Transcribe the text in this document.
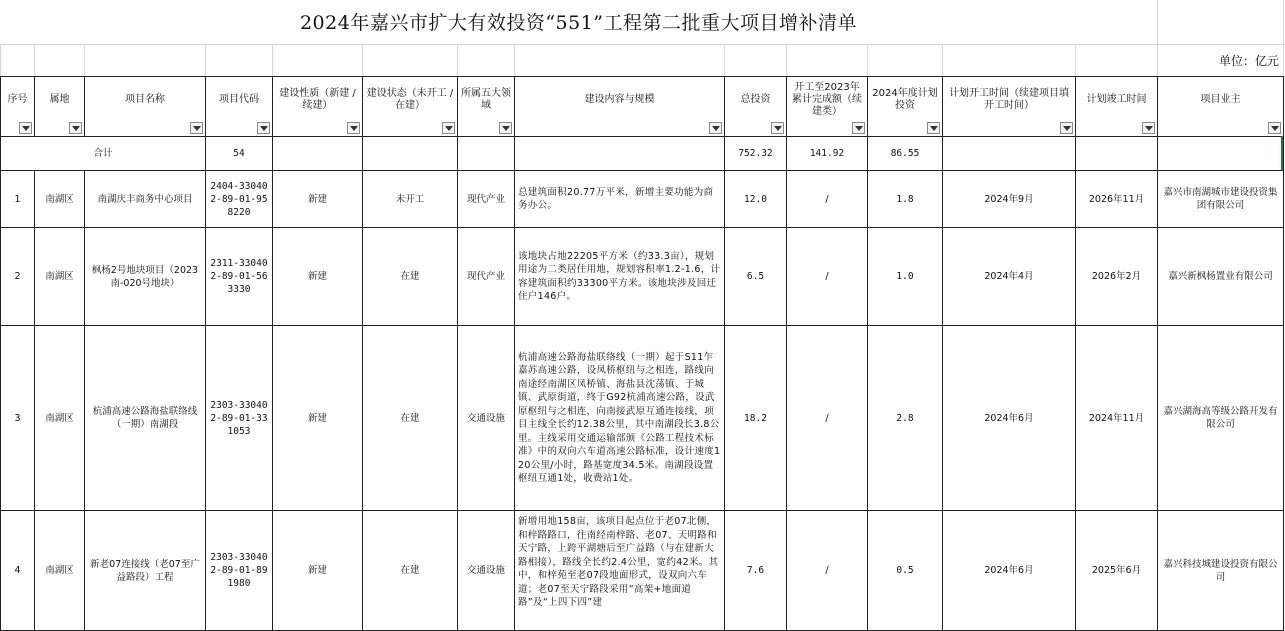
2024年嘉兴市扩大有效投资“551”工程第二批重大项目增补清单
单位：亿元
序号	属地	项目名称	项目代码	建设性质（新建 / 续建）	建设状态（未开工 /在建）	所属五大领域	建设内容与规模	总投资	开工至2023年累计完成额（续建类）	2024年度计划投资	计划开工时间（续建项目填开工时间）	计划竣工时间	项目业主

合计			54					752.32	141.92	86.55			
1	南湖区	南湖庆丰商务中心项目	2404-330402-89-01-958220	新建	未开工	现代产业	总建筑面积20.77万平米，新增主要功能为商务办公。	12.0	/	1.8	2024年9月	2026年11月	嘉兴市南湖城市建设投资集团有限公司
2	南湖区	枫杨2号地块项目（2023南-020号地块）	2311-330402-89-01-563330	新建	在建	现代产业	该地块占地22205平方米（约33.3亩），规划用途为二类居住用地，规划容积率1.2-1.6，计容建筑面积约33300平方米。该地块涉及回迁住户146户。	6.5	/	1.0	2024年4月	2026年2月	嘉兴新枫杨置业有限公司
3	南湖区	杭浦高速公路海盐联络线（一期）南湖段	2303-330402-89-01-331053	新建	在建	交通设施	杭浦高速公路海盐联络线（一期）起于S11乍嘉苏高速公路，设凤桥枢纽与之相连，路线向南途经南湖区凤桥镇、海盐县沈荡镇、于城镇、武原街道，终于G92杭浦高速公路，设武原枢纽与之相连，向南接武原互通连接线，项目主线全长约12.38公里，其中南湖段长3.8公里。主线采用交通运输部颁《公路工程技术标准》中的双向六车道高速公路标准，设计速度120公里/小时，路基宽度34.5米。南湖段设置枢纽互通1处，收费站1处。	18.2	/	2.8	2024年6月	2024年11月	嘉兴湖海高等级公路开发有限公司
4	南湖区	新老07连接线（老07至广益路段）工程	2303-330402-89-01-891980	新建	在建	交通设施	新增用地158亩，该项目起点位于老07北侧，和梓路路口，往南经南梓路、老07、天明路和天宁路，上跨平湖塘后至广益路（与在建新大路相接），路线全长约2.4公里，宽约42米。其中，和梓苑至老07段地面形式，设双向六车道；老07至天宁路段采用“高架+地面道路”及“上四下四”建	7.6	/	0.5	2024年6月	2025年6月	嘉兴科技城建设投资有限公司
